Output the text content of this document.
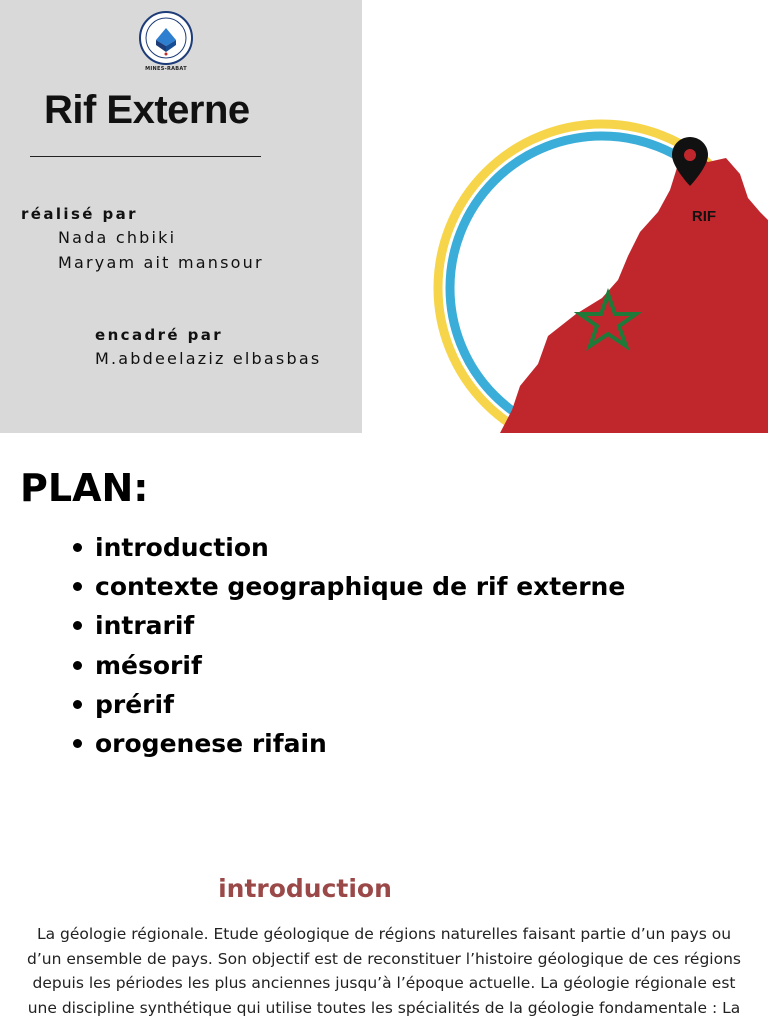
MINES-RABAT
Rif Externe
réalisé par
Nada chbiki
Maryam ait mansour
encadré par
M.abdeelaziz elbasbas
RIF
PLAN:
introduction
contexte geographique de rif externe
intrarif
mésorif
prérif
orogenese rifain
introduction
La géologie régionale. Etude géologique de régions naturelles faisant partie d’un pays ou
d’un ensemble de pays. Son objectif est de reconstituer l’histoire géologique de ces régions
depuis les périodes les plus anciennes jusqu’à l’époque actuelle. La géologie régionale est
une discipline synthétique qui utilise toutes les spécialités de la géologie fondamentale : La
